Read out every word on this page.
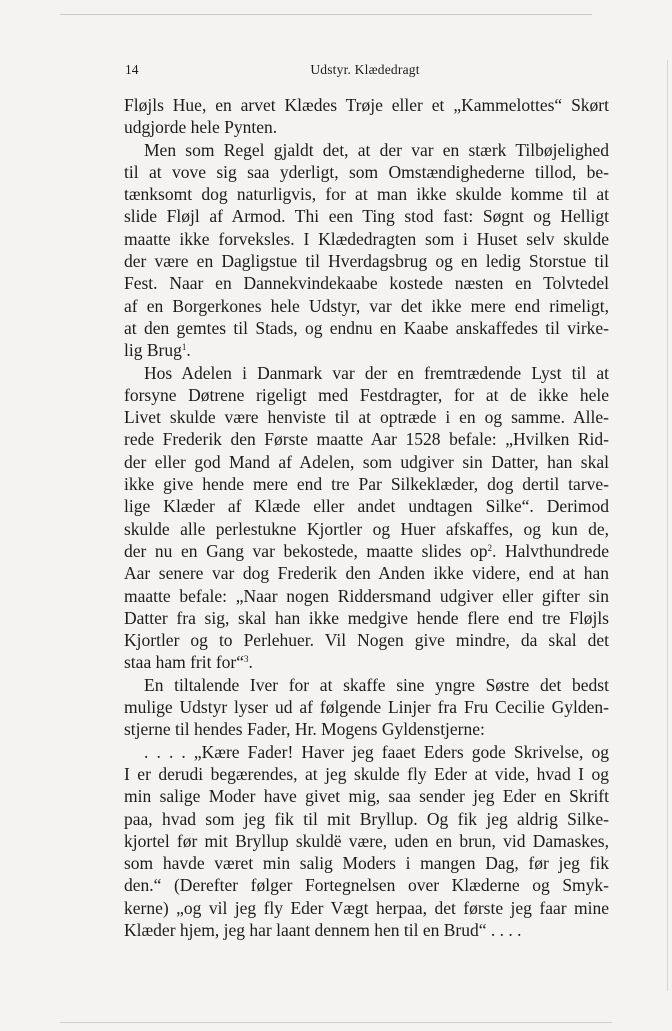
14	Udstyr. Klædedragt
Fløjls Hue, en arvet Klædes Trøje eller et „Kammelottes“ Skørt
udgjorde hele Pynten.
Men som Regel gjaldt det, at der var en stærk Tilbøjelighed
til at vove sig saa yderligt, som Omstændighederne tillod, be-
tænksomt dog naturligvis, for at man ikke skulde komme til at
slide Fløjl af Armod. Thi een Ting stod fast: Søgnt og Helligt
maatte ikke forveksles. I Klædedragten som i Huset selv skulde
der være en Dagligstue til Hverdagsbrug og en ledig Storstue til
Fest. Naar en Dannekvindekaabe kostede næsten en Tolvtedel
af en Borgerkones hele Udstyr, var det ikke mere end rimeligt,
at den gemtes til Stads, og endnu en Kaabe anskaffedes til virke-
lig Brug$^1$.
Hos Adelen i Danmark var der en fremtrædende Lyst til at
forsyne Døtrene rigeligt med Festdragter, for at de ikke hele
Livet skulde være henviste til at optræde i en og samme. Alle-
rede Frederik den Første maatte Aar 1528 befale: „Hvilken Rid-
der eller god Mand af Adelen, som udgiver sin Datter, han skal
ikke give hende mere end tre Par Silkeklæder, dog dertil tarve-
lige Klæder af Klæde eller andet undtagen Silke“. Derimod
skulde alle perlestukne Kjortler og Huer afskaffes, og kun de,
der nu en Gang var bekostede, maatte slides op$^2$. Halvthundrede
Aar senere var dog Frederik den Anden ikke videre, end at han
maatte befale: „Naar nogen Riddersmand udgiver eller gifter sin
Datter fra sig, skal han ikke medgive hende flere end tre Fløjls
Kjortler og to Perlehuer. Vil Nogen give mindre, da skal det
staa ham frit for“$^3$.
En tiltalende Iver for at skaffe sine yngre Søstre det bedst
mulige Udstyr lyser ud af følgende Linjer fra Fru Cecilie Gylden-
stjerne til hendes Fader, Hr. Mogens Gyldenstjerne:
. . . . „Kære Fader! Haver jeg faaet Eders gode Skrivelse, og
I er derudi begærendes, at jeg skulde fly Eder at vide, hvad I og
min salige Moder have givet mig, saa sender jeg Eder en Skrift
paa, hvad som jeg fik til mit Bryllup. Og fik jeg aldrig Silke-
kjortel før mit Bryllup skuldë være, uden en brun, vid Damaskes,
som havde været min salig Moders i mangen Dag, før jeg fik
den.“ (Derefter følger Fortegnelsen over Klæderne og Smyk-
kerne) „og vil jeg fly Eder Vægt herpaa, det første jeg faar mine
Klæder hjem, jeg har laant dennem hen til en Brud“ . . . .
